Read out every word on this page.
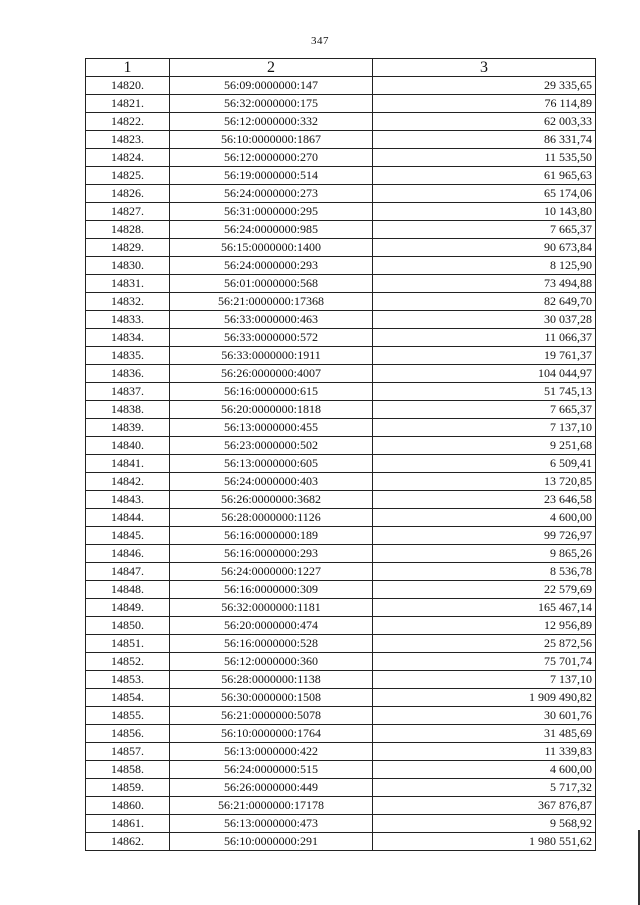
347
1	2	3
14820.	56:09:0000000:147	29 335,65
14821.	56:32:0000000:175	76 114,89
14822.	56:12:0000000:332	62 003,33
14823.	56:10:0000000:1867	86 331,74
14824.	56:12:0000000:270	11 535,50
14825.	56:19:0000000:514	61 965,63
14826.	56:24:0000000:273	65 174,06
14827.	56:31:0000000:295	10 143,80
14828.	56:24:0000000:985	7 665,37
14829.	56:15:0000000:1400	90 673,84
14830.	56:24:0000000:293	8 125,90
14831.	56:01:0000000:568	73 494,88
14832.	56:21:0000000:17368	82 649,70
14833.	56:33:0000000:463	30 037,28
14834.	56:33:0000000:572	11 066,37
14835.	56:33:0000000:1911	19 761,37
14836.	56:26:0000000:4007	104 044,97
14837.	56:16:0000000:615	51 745,13
14838.	56:20:0000000:1818	7 665,37
14839.	56:13:0000000:455	7 137,10
14840.	56:23:0000000:502	9 251,68
14841.	56:13:0000000:605	6 509,41
14842.	56:24:0000000:403	13 720,85
14843.	56:26:0000000:3682	23 646,58
14844.	56:28:0000000:1126	4 600,00
14845.	56:16:0000000:189	99 726,97
14846.	56:16:0000000:293	9 865,26
14847.	56:24:0000000:1227	8 536,78
14848.	56:16:0000000:309	22 579,69
14849.	56:32:0000000:1181	165 467,14
14850.	56:20:0000000:474	12 956,89
14851.	56:16:0000000:528	25 872,56
14852.	56:12:0000000:360	75 701,74
14853.	56:28:0000000:1138	7 137,10
14854.	56:30:0000000:1508	1 909 490,82
14855.	56:21:0000000:5078	30 601,76
14856.	56:10:0000000:1764	31 485,69
14857.	56:13:0000000:422	11 339,83
14858.	56:24:0000000:515	4 600,00
14859.	56:26:0000000:449	5 717,32
14860.	56:21:0000000:17178	367 876,87
14861.	56:13:0000000:473	9 568,92
14862.	56:10:0000000:291	1 980 551,62
